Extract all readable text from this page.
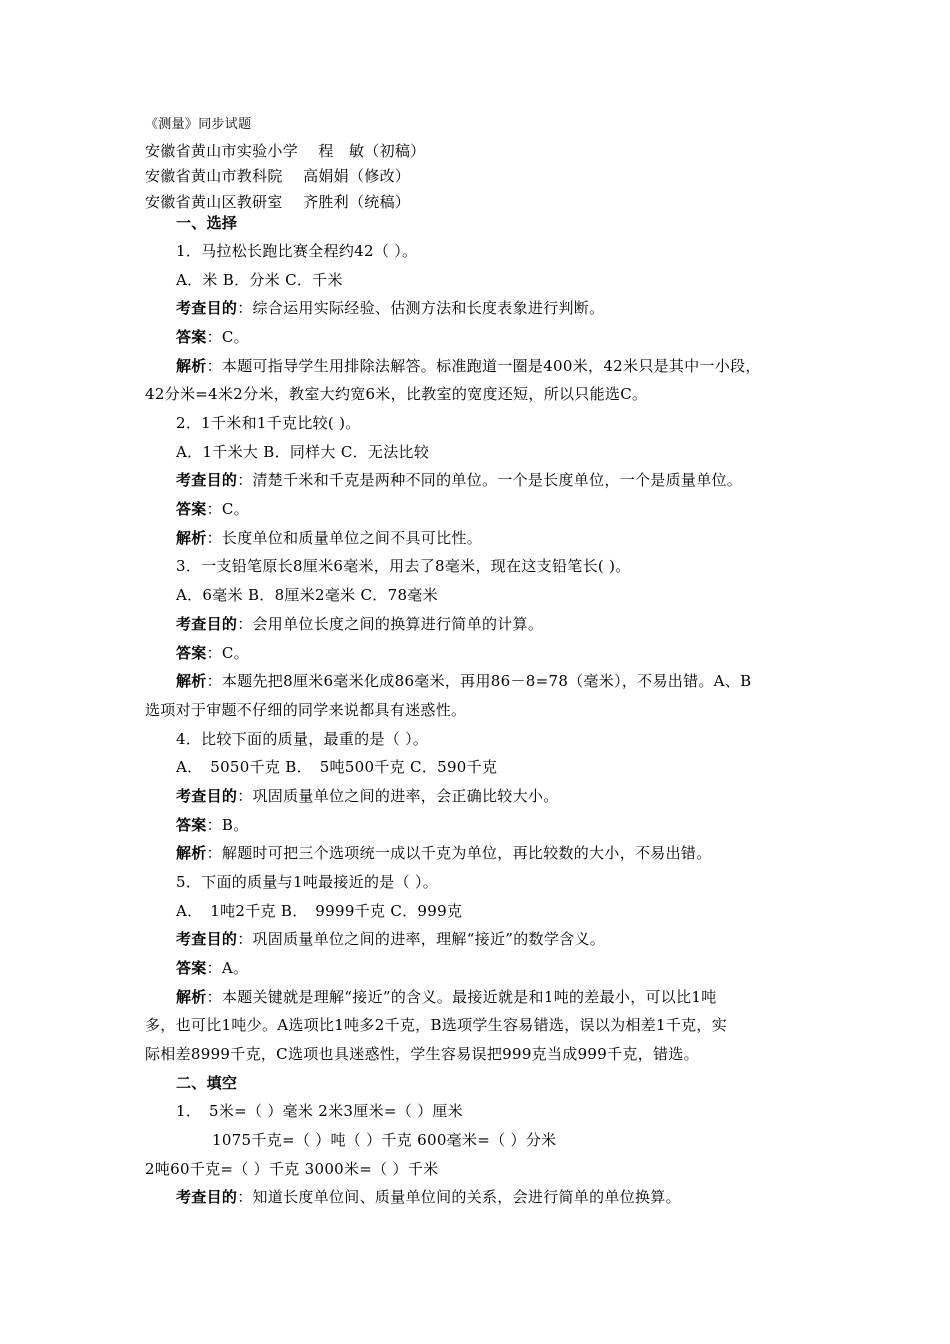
《测量》同步试题
安徽省黄山市实验小学　 程　敏（初稿）
安徽省黄山市教科院　 高娟娟（修改）
安徽省黄山区教研室　 齐胜利（统稿）
一、选择
1．马拉松长跑比赛全程约42（ ）。
A．米 B．分米 C．千米
考查目的：综合运用实际经验、估测方法和长度表象进行判断。
答案：C。
解析：本题可指导学生用排除法解答。标准跑道一圈是400米，42米只是其中一小段，
42分米=4米2分米，教室大约宽6米，比教室的宽度还短，所以只能选C。
2．1千米和1千克比较( )。
A．1千米大 B．同样大 C．无法比较
考查目的：清楚千米和千克是两种不同的单位。一个是长度单位，一个是质量单位。
答案：C。
解析：长度单位和质量单位之间不具可比性。
3．一支铅笔原长8厘米6毫米，用去了8毫米，现在这支铅笔长( )。
A．6毫米 B．8厘米2毫米 C．78毫米
考查目的：会用单位长度之间的换算进行简单的计算。
答案：C。
解析：本题先把8厘米6毫米化成86毫米，再用86－8=78（毫米），不易出错。A、B
选项对于审题不仔细的同学来说都具有迷惑性。
4．比较下面的质量，最重的是（ ）。
A．　5050千克 B．　5吨500千克 C．590千克
考查目的：巩固质量单位之间的进率，会正确比较大小。
答案：B。
解析：解题时可把三个选项统一成以千克为单位，再比较数的大小，不易出错。
5．下面的质量与1吨最接近的是（ ）。
A．　1吨2千克 B．　9999千克 C．999克
考查目的：巩固质量单位之间的进率，理解“接近”的数学含义。
答案：A。
解析：本题关键就是理解“接近”的含义。最接近就是和1吨的差最小，可以比1吨
多，也可比1吨少。A选项比1吨多2千克，B选项学生容易错选，误以为相差1千克，实
际相差8999千克，C选项也具迷惑性，学生容易误把999克当成999千克，错选。
二、填空
1．　5米=（ ）毫米 2米3厘米=（ ）厘米
1075千克=（ ）吨（ ）千克 600毫米=（ ）分米
2吨60千克=（ ）千克 3000米=（ ）千米
考查目的：知道长度单位间、质量单位间的关系，会进行简单的单位换算。
